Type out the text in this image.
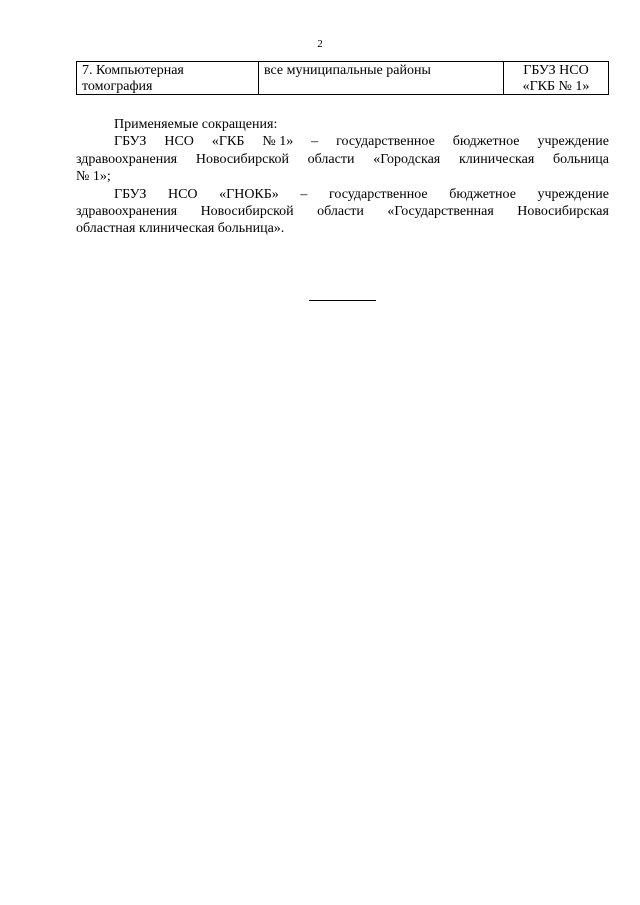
2
7. Компьютерная
томография
все муниципальные районы	ГБУЗ НСО
«ГКБ № 1»
Применяемые сокращения:
ГБУЗ НСО «ГКБ № 1» – государственное бюджетное учреждение
здравоохранения Новосибирской области «Городская клиническая больница
№ 1»;
ГБУЗ НСО «ГНОКБ» – государственное бюджетное учреждение
здравоохранения Новосибирской области «Государственная Новосибирская
областная клиническая больница».
